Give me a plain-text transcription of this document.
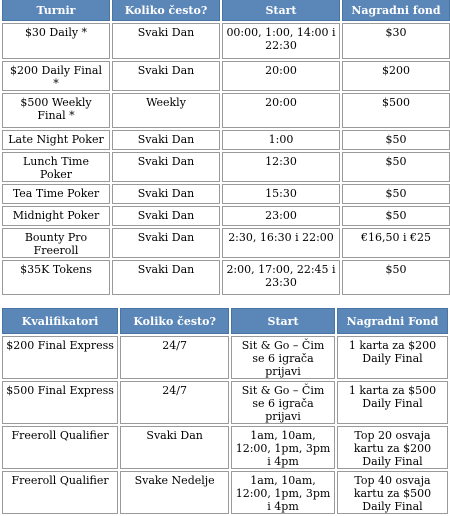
Turnir	Koliko često?	Start	Nagradni fond
$30 Daily *	Svaki Dan	00:00, 1:00, 14:00 i 22:30	$30
$200 Daily Final *	Svaki Dan	20:00	$200
$500 Weekly Final *	Weekly	20:00	$500
Late Night Poker	Svaki Dan	1:00	$50
Lunch Time Poker	Svaki Dan	12:30	$50
Tea Time Poker	Svaki Dan	15:30	$50
Midnight Poker	Svaki Dan	23:00	$50
Bounty Pro Freeroll	Svaki Dan	2:30, 16:30 i 22:00	€16,50 i €25
$35K Tokens	Svaki Dan	2:00, 17:00, 22:45 i 23:30	$50
Kvalifikatori	Koliko često?	Start	Nagradni Fond
$200 Final Express	24/7	Sit & Go – Čim se 6 igrača prijavi	1 karta za $200 Daily Final
$500 Final Express	24/7	Sit & Go – Čim se 6 igrača prijavi	1 karta za $500 Daily Final
Freeroll Qualifier	Svaki Dan	1am, 10am, 12:00, 1pm, 3pm i 4pm	Top 20 osvaja kartu za $200 Daily Final
Freeroll Qualifier	Svake Nedelje	1am, 10am, 12:00, 1pm, 3pm i 4pm	Top 40 osvaja kartu za $500 Daily Final
